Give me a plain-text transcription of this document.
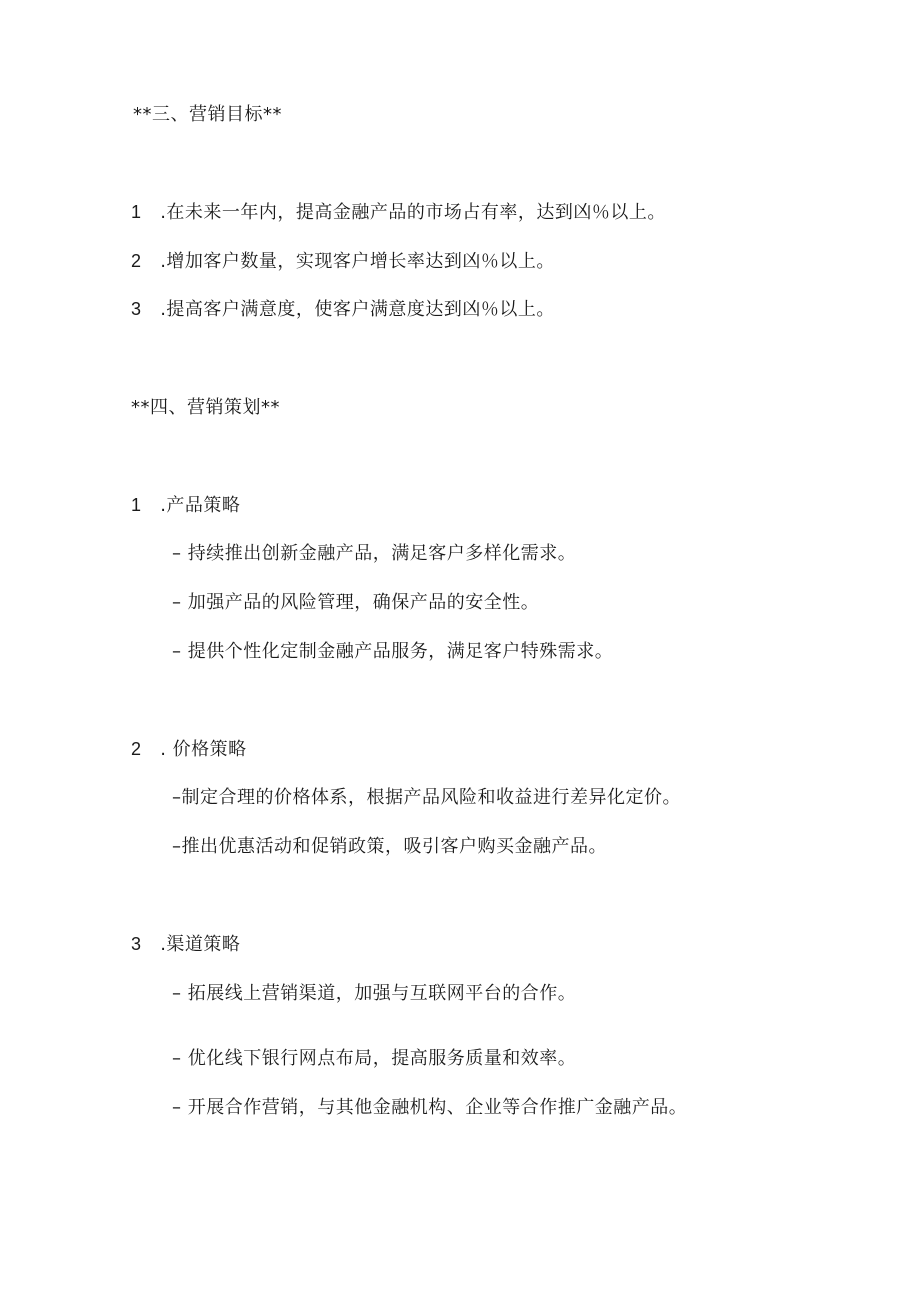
**三、营销目标**
1 .在未来一年内，提高金融产品的市场占有率，达到凶％以上。
2 .增加客户数量，实现客户增长率达到凶％以上。
3 .提高客户满意度，使客户满意度达到凶％以上。
**四、营销策划**
1 .产品策略
– 持续推出创新金融产品，满足客户多样化需求。
– 加强产品的风险管理，确保产品的安全性。
– 提供个性化定制金融产品服务，满足客户特殊需求。
2 . 价格策略
–制定合理的价格体系，根据产品风险和收益进行差异化定价。
–推出优惠活动和促销政策，吸引客户购买金融产品。
3 .渠道策略
– 拓展线上营销渠道，加强与互联网平台的合作。
– 优化线下银行网点布局，提高服务质量和效率。
– 开展合作营销，与其他金融机构、企业等合作推广金融产品。
